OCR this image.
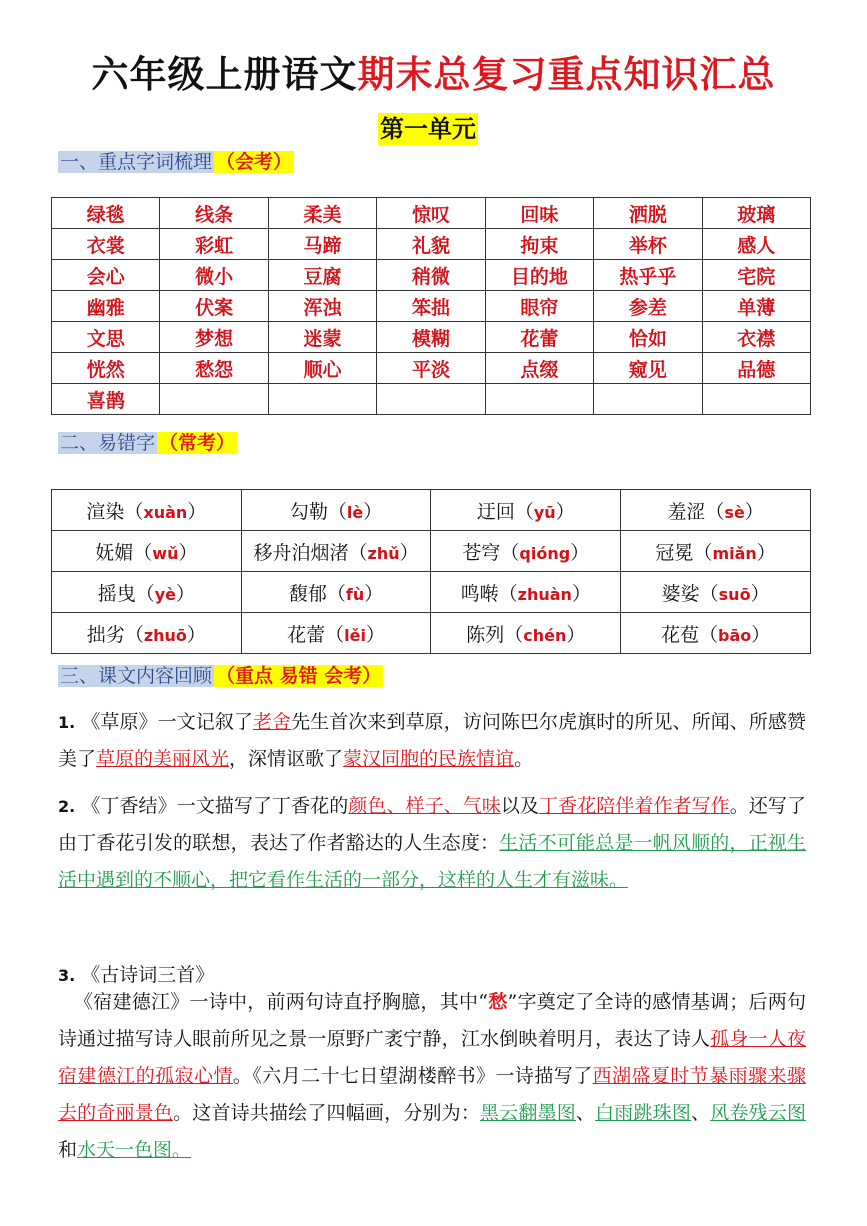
六年级上册语文期末总复习重点知识汇总
第一单元
一、重点字词梳理 （会考）
绿毯	线条	柔美	惊叹	回味	洒脱	玻璃
衣裳	彩虹	马蹄	礼貌	拘束	举杯	感人
会心	微小	豆腐	稍微	目的地	热乎乎	宅院
幽雅	伏案	浑浊	笨拙	眼帘	参差	单薄
文思	梦想	迷蒙	模糊	花蕾	恰如	衣襟
恍然	愁怨	顺心	平淡	点缀	窥见	品德
喜鹊						
二、易错字 （常考）
渲染（xuàn）	勾勒（lè）	迂回（yū）	羞涩（sè）
妩媚（wǔ）	移舟泊烟渚（zhǔ）	苍穹（qióng）	冠冕（miǎn）
摇曳（yè）	馥郁（fù）	鸣啭（zhuàn）	婆娑（suō）
拙劣（zhuō）	花蕾（lěi）	陈列（chén）	花苞（bāo）
三、课文内容回顾 （重点 易错 会考）
1. 《草原》一文记叙了老舍先生首次来到草原，访问陈巴尔虎旗时的所见、所闻、所感赞美了草原的美丽风光，深情讴歌了蒙汉同胞的民族情谊。
2. 《丁香结》一文描写了丁香花的颜色、样子、气味以及丁香花陪伴着作者写作。还写了由丁香花引发的联想，表达了作者豁达的人生态度：生活不可能总是一帆风顺的，正视生活中遇到的不顺心，把它看作生活的一部分，这样的人生才有滋味。
3. 《古诗词三首》
《宿建德江》一诗中，前两句诗直抒胸臆，其中“愁”字奠定了全诗的感情基调；后两句诗通过描写诗人眼前所见之景一原野广袤宁静，江水倒映着明月，表达了诗人孤身一人夜宿建德江的孤寂心情。《六月二十七日望湖楼醉书》一诗描写了西湖盛夏时节暴雨骤来骤去的奇丽景色。这首诗共描绘了四幅画，分别为：黑云翻墨图、白雨跳珠图、风卷残云图和水天一色图。
